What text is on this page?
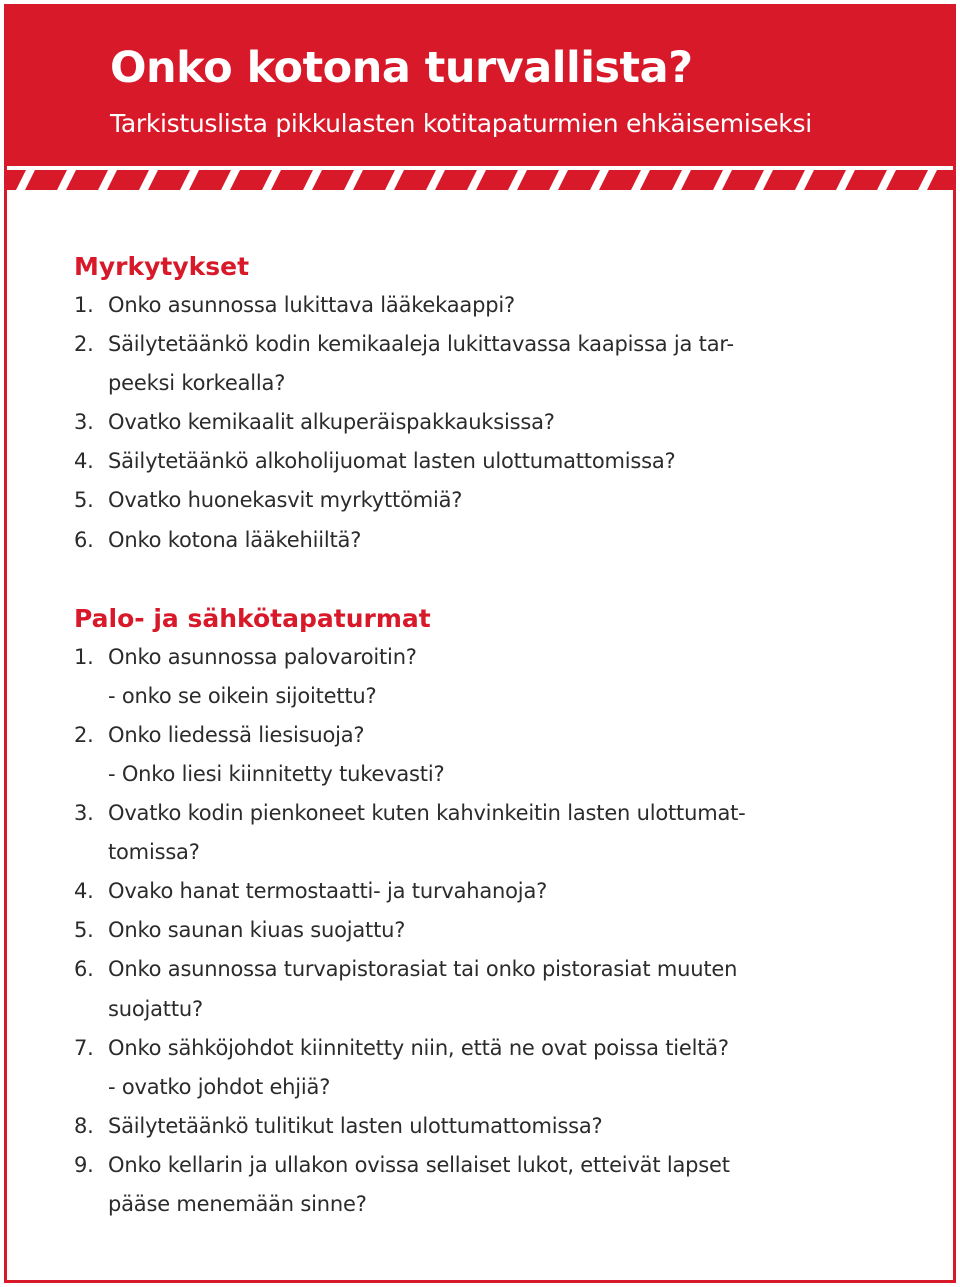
Onko kotona turvallista?

Tarkistuslista pikkulasten kotitapaturmien ehkäisemiseksi

Myrkytykset
1. Onko asunnossa lukittava lääkekaappi?
2. Säilytetäänkö kodin kemikaaleja lukittavassa kaapissa ja tar-
peeksi korkealla?
3. Ovatko kemikaalit alkuperäispakkauksissa?
4. Säilytetäänkö alkoholijuomat lasten ulottumattomissa?
5. Ovatko huonekasvit myrkyttömiä?
6. Onko kotona lääkehiiltä?
Palo- ja sähkötapaturmat
1. Onko asunnossa palovaroitin?
- onko se oikein sijoitettu?
2. Onko liedessä liesisuoja?
- Onko liesi kiinnitetty tukevasti?
3. Ovatko kodin pienkoneet kuten kahvinkeitin lasten ulottumat-
tomissa?
4. Ovako hanat termostaatti- ja turvahanoja?
5. Onko saunan kiuas suojattu?
6. Onko asunnossa turvapistorasiat tai onko pistorasiat muuten
suojattu?
7. Onko sähköjohdot kiinnitetty niin, että ne ovat poissa tieltä?
- ovatko johdot ehjiä?
8. Säilytetäänkö tulitikut lasten ulottumattomissa?
9. Onko kellarin ja ullakon ovissa sellaiset lukot, etteivät lapset
pääse menemään sinne?
